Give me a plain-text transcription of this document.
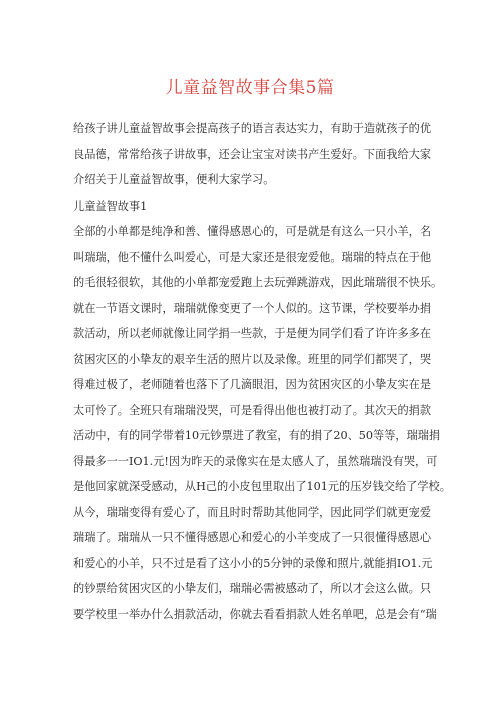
儿童益智故事合集5篇
给孩子讲儿童益智故事会提高孩子的语言表达实力，有助于造就孩子的优
良品德，常常给孩子讲故事，还会让宝宝对读书产生爱好。下面我给大家
介绍关于儿童益智故事，便利大家学习。
儿童益智故事1
全部的小单都是纯净和善、懂得感恩心的，可是就是有这么一只小羊，名
叫瑞瑞，他不懂什么叫爱心，可是大家还是很宠爱他。瑞瑞的特点在于他
的毛很轻很软，其他的小单都宠爱跑上去玩弹跳游戏，因此瑞瑞很不快乐。
就在一节语文课时，瑞瑞就像变更了一个人似的。这节课，学校要举办捐
款活动，所以老师就像让同学捐一些款，于是便为同学们看了许许多多在
贫困灾区的小挚友的艰辛生活的照片以及录像。班里的同学们都哭了，哭
得难过极了，老师随着也落下了几滴眼泪，因为贫困灾区的小挚友实在是
太可怜了。全班只有瑞瑞没哭，可是看得出他也被打动了。其次天的捐款
活动中，有的同学带着10元钞票进了教室，有的捐了20、50等等，瑞瑞捐
得最多一一IO1.元!因为昨天的录像实在是太感人了，虽然瑞瑞没有哭，可
是他回家就深受感动，从H己的小皮包里取出了101元的压岁钱交给了学校。
从今，瑞瑞变得有爱心了，而且时时帮助其他同学，因此同学们就更宠爱
瑞瑞了。瑞瑞从一只不懂得感恩心和爱心的小羊变成了一只很懂得感恩心
和爱心的小羊，只不过是看了这小小的5分钟的录像和照片,就能捐IO1.元
的钞票给贫困灾区的小挚友们，瑞瑞必需被感动了，所以才会这么做。只
要学校里一举办什么捐款活动，你就去看看捐款人姓名单吧，总是会有“瑞
